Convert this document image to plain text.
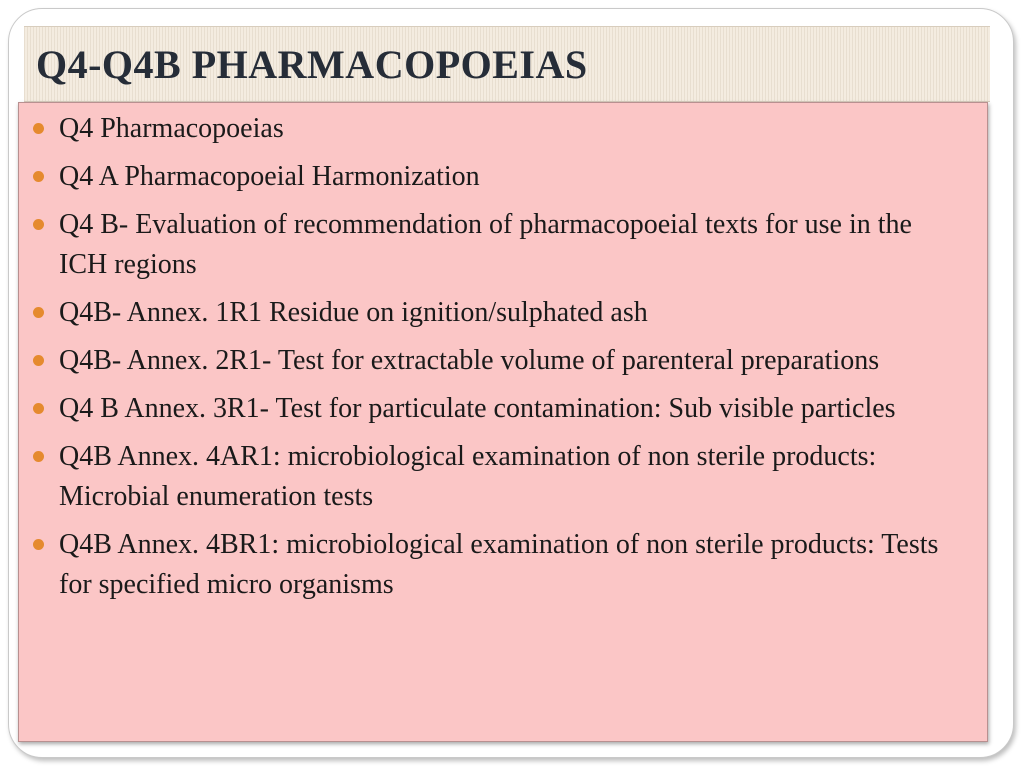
Q4-Q4B PHARMACOPOEIAS
Q4 Pharmacopoeias
Q4 A Pharmacopoeial Harmonization
Q4 B- Evaluation of recommendation of pharmacopoeial texts for use in the ICH regions
Q4B- Annex. 1R1 Residue on ignition/sulphated ash
Q4B- Annex. 2R1- Test for extractable volume of parenteral preparations
Q4 B Annex. 3R1- Test for particulate contamination: Sub visible particles
Q4B Annex. 4AR1: microbiological examination of non sterile products: Microbial enumeration tests
Q4B Annex. 4BR1: microbiological examination of non sterile products: Tests for specified micro organisms
